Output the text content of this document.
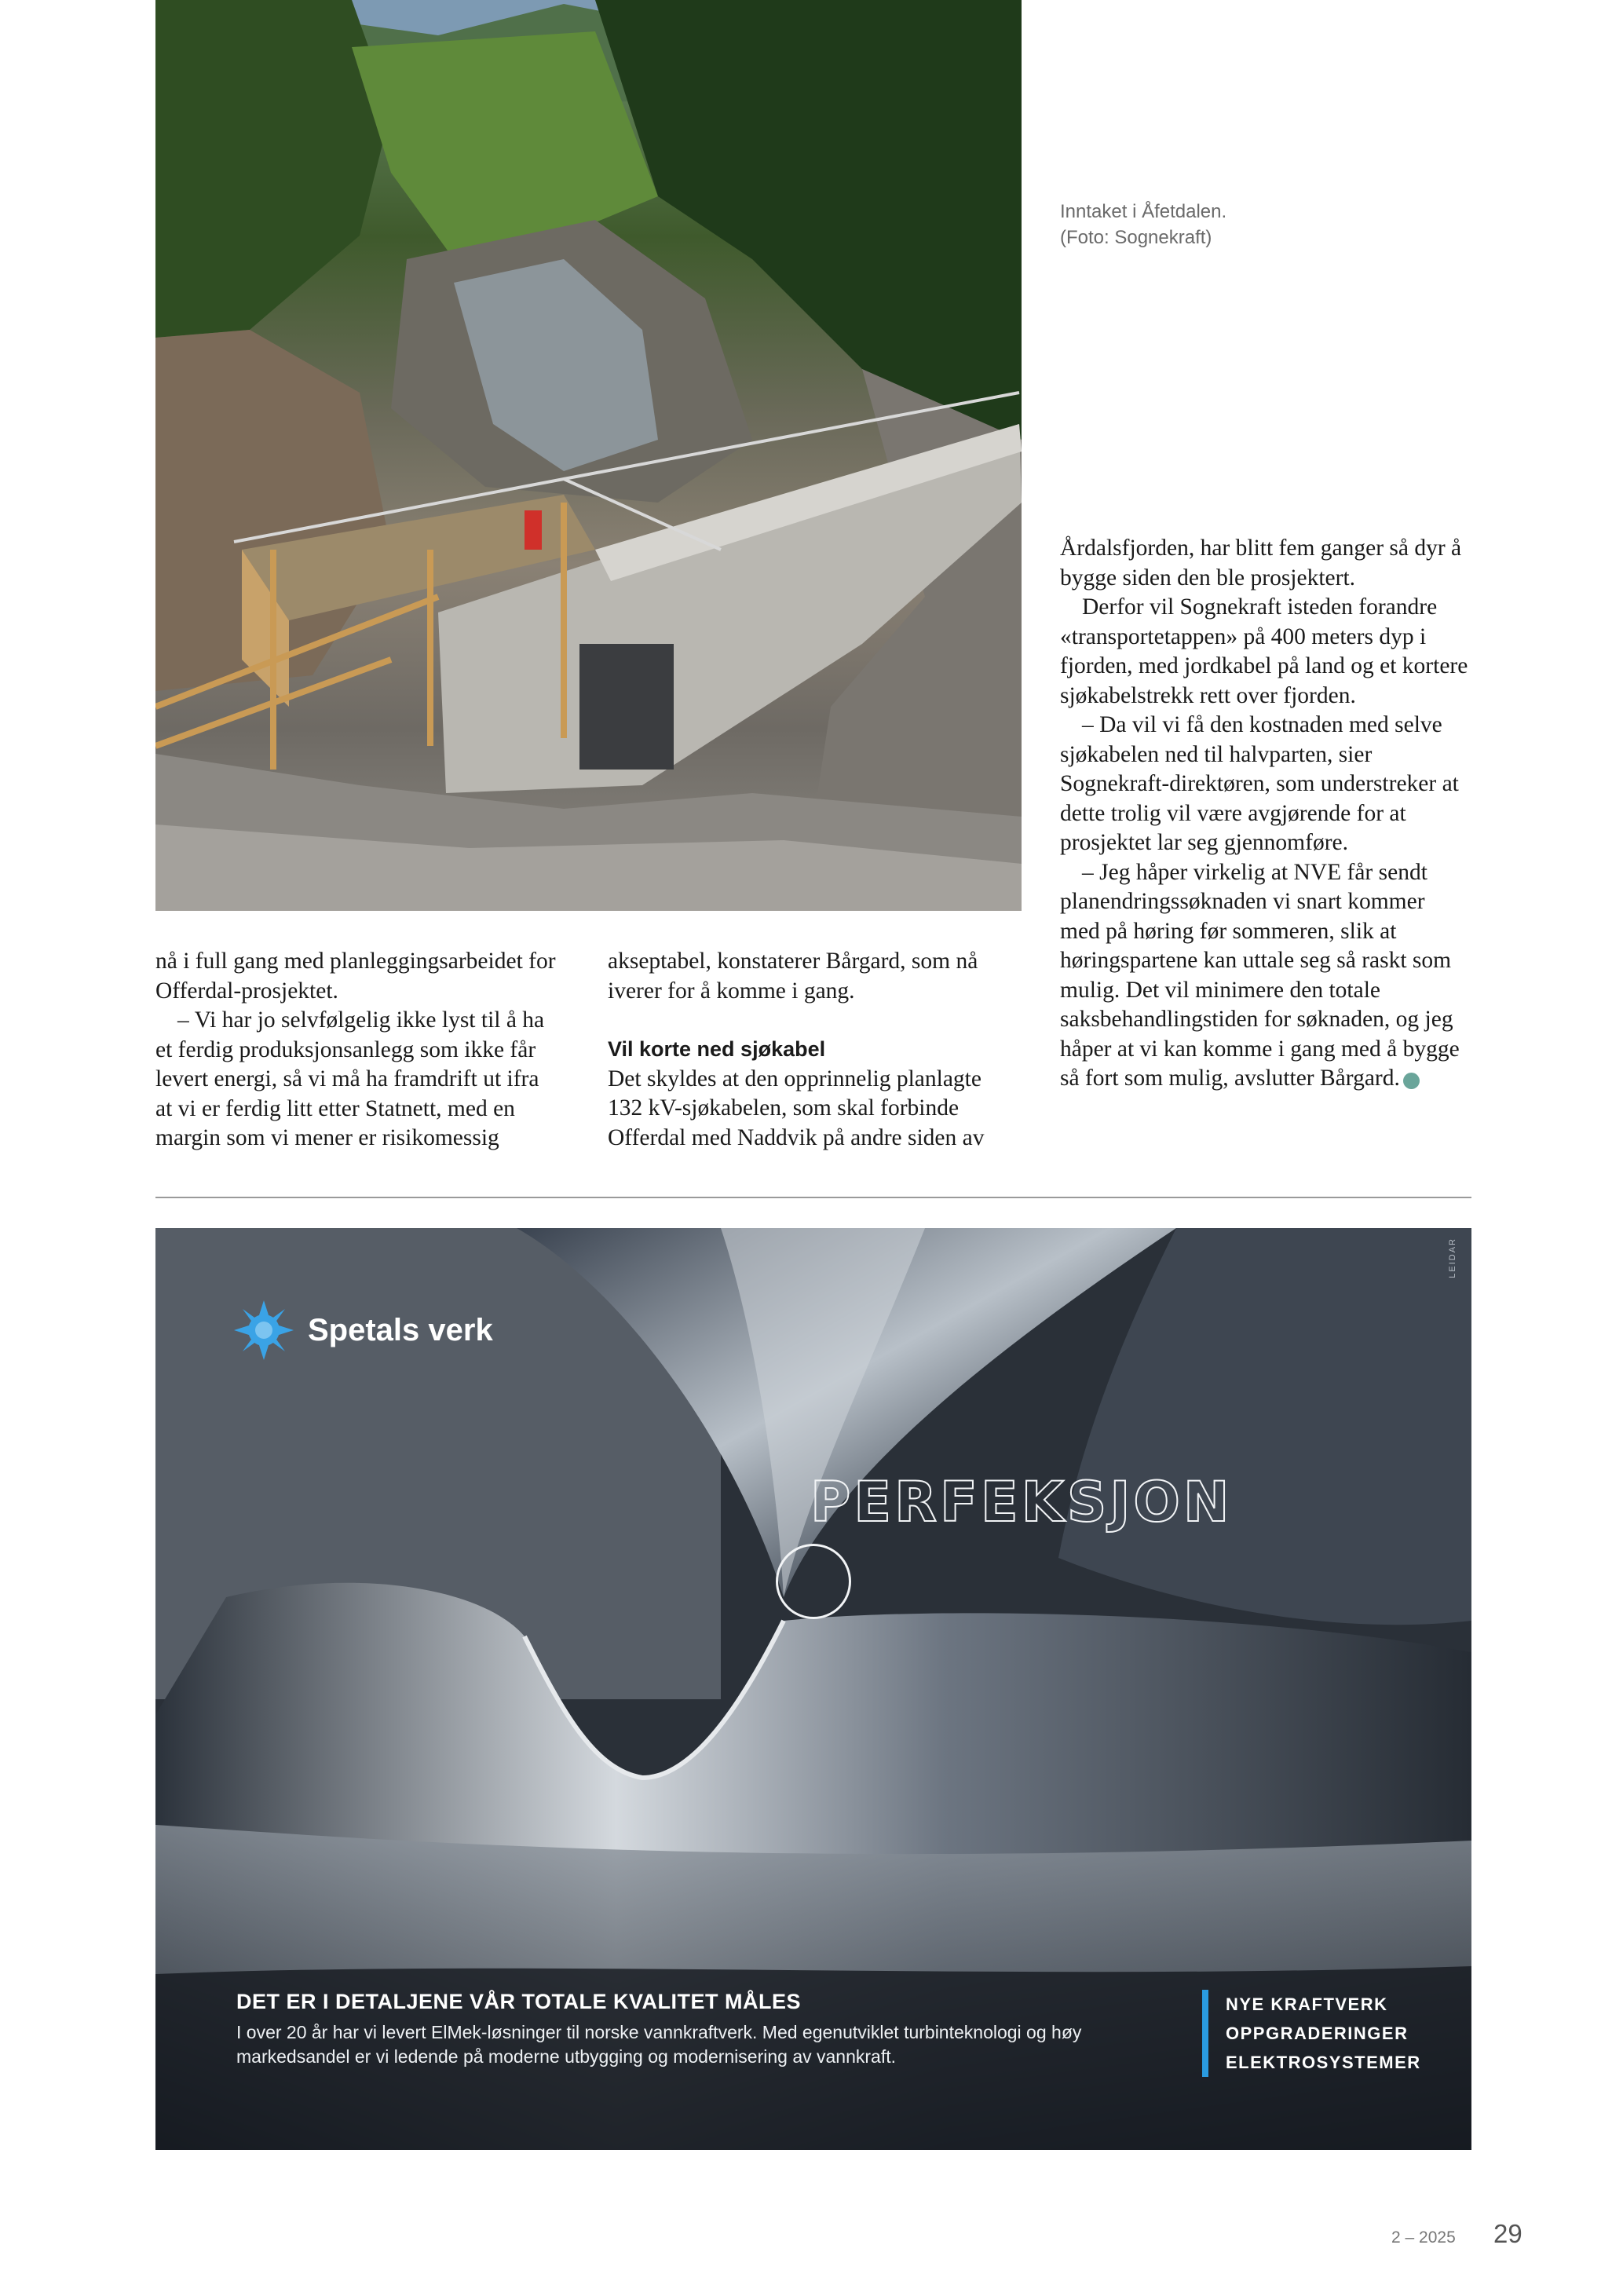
Inntaket i Åfetdalen.
(Foto: Sognekraft)

nå i full gang med planleggingsarbeidet for Offerdal-prosjektet.

– Vi har jo selvfølgelig ikke lyst til å ha et ferdig produksjonsanlegg som ikke får levert energi, så vi må ha framdrift ut ifra at vi er ferdig litt etter Statnett, med en margin som vi mener er risikomessig

akseptabel, konstaterer Bårgard, som nå iverer for å komme i gang.

Vil korte ned sjøkabel

Det skyldes at den opprinnelig planlagte 132 kV-sjøkabelen, som skal forbinde Offerdal med Naddvik på andre siden av

Årdalsfjorden, har blitt fem ganger så dyr å bygge siden den ble prosjektert.

Derfor vil Sognekraft isteden forandre «transportetappen» på 400 meters dyp i fjorden, med jordkabel på land og et kortere sjøkabelstrekk rett over fjorden.

– Da vil vi få den kostnaden med selve sjøkabelen ned til halvparten, sier Sognekraft-direktøren, som understreker at dette trolig vil være avgjørende for at prosjektet lar seg gjennomføre.

– Jeg håper virkelig at NVE får sendt planendringssøknaden vi snart kommer med på høring før sommeren, slik at høringspartene kan uttale seg så raskt som mulig. Det vil minimere den totale saksbehandlingstiden for søknaden, og jeg håper at vi kan komme i gang med å bygge så fort som mulig, avslutter Bårgard. e

LEIDAR
Spetals verk
PERFEKSJON
DET ER I DETALJENE VÅR TOTALE KVALITET MÅLES
I over 20 år har vi levert ElMek-løsninger til norske vannkraftverk. Med egenutviklet turbinteknologi og høy markedsandel er vi ledende på moderne utbygging og modernisering av vannkraft.
NYE KRAFTVERK
OPPGRADERINGER
ELEKTROSYSTEMER
2 – 2025 29
